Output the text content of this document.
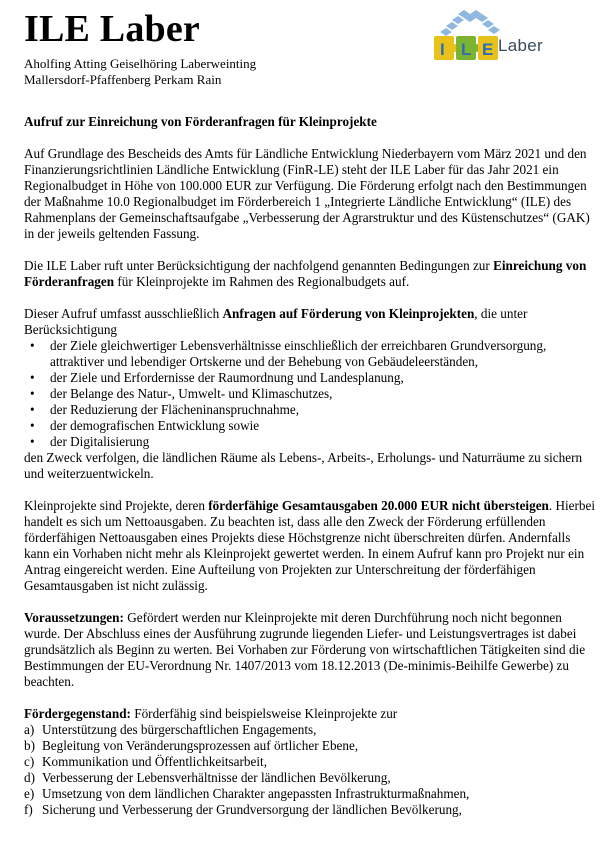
ILE Laber
Aholfing Atting Geiselhöring Laberweinting
Mallersdorf-Pfaffenberg Perkam Rain
I L E Laber

Aufruf zur Einreichung von Förderanfragen für Kleinprojekte

Auf Grundlage des Bescheids des Amts für Ländliche Entwicklung Niederbayern vom März 2021 und den Finanzierungsrichtlinien Ländliche Entwicklung (FinR-LE) steht der ILE Laber für das Jahr 2021 ein Regionalbudget in Höhe von 100.000 EUR zur Verfügung. Die Förderung erfolgt nach den Bestimmungen der Maßnahme 10.0 Regionalbudget im Förderbereich 1 „Integrierte Ländliche Entwicklung“ (ILE) des Rahmenplans der Gemeinschaftsaufgabe „Verbesserung der Agrarstruktur und des Küstenschutzes“ (GAK) in der jeweils geltenden Fassung.

Die ILE Laber ruft unter Berücksichtigung der nachfolgend genannten Bedingungen zur Einreichung von Förderanfragen für Kleinprojekte im Rahmen des Regionalbudgets auf.

Dieser Aufruf umfasst ausschließlich Anfragen auf Förderung von Kleinprojekten, die unter Berücksichtigung

• der Ziele gleichwertiger Lebensverhältnisse einschließlich der erreichbaren Grundversorgung, attraktiver und lebendiger Ortskerne und der Behebung von Gebäudeleerständen,
• der Ziele und Erfordernisse der Raumordnung und Landesplanung,
• der Belange des Natur-, Umwelt- und Klimaschutzes,
• der Reduzierung der Flächeninanspruchnahme,
• der demografischen Entwicklung sowie
• der Digitalisierung

den Zweck verfolgen, die ländlichen Räume als Lebens-, Arbeits-, Erholungs- und Naturräume zu sichern und weiterzuentwickeln.

Kleinprojekte sind Projekte, deren förderfähige Gesamtausgaben 20.000 EUR nicht übersteigen. Hierbei handelt es sich um Nettoausgaben. Zu beachten ist, dass alle den Zweck der Förderung erfüllenden förderfähigen Nettoausgaben eines Projekts diese Höchstgrenze nicht überschreiten dürfen. Andernfalls kann ein Vorhaben nicht mehr als Kleinprojekt gewertet werden. In einem Aufruf kann pro Projekt nur ein Antrag eingereicht werden. Eine Aufteilung von Projekten zur Unterschreitung der förderfähigen Gesamtausgaben ist nicht zulässig.

Voraussetzungen: Gefördert werden nur Kleinprojekte mit deren Durchführung noch nicht begonnen wurde. Der Abschluss eines der Ausführung zugrunde liegenden Liefer- und Leistungsvertrages ist dabei grundsätzlich als Beginn zu werten. Bei Vorhaben zur Förderung von wirtschaftlichen Tätigkeiten sind die Bestimmungen der EU-Verordnung Nr. 1407/2013 vom 18.12.2013 (De-minimis-Beihilfe Gewerbe) zu beachten.

Fördergegenstand: Förderfähig sind beispielsweise Kleinprojekte zur

a) Unterstützung des bürgerschaftlichen Engagements,
b) Begleitung von Veränderungsprozessen auf örtlicher Ebene,
c) Kommunikation und Öffentlichkeitsarbeit,
d) Verbesserung der Lebensverhältnisse der ländlichen Bevölkerung,
e) Umsetzung von dem ländlichen Charakter angepassten Infrastrukturmaßnahmen,
f) Sicherung und Verbesserung der Grundversorgung der ländlichen Bevölkerung,
